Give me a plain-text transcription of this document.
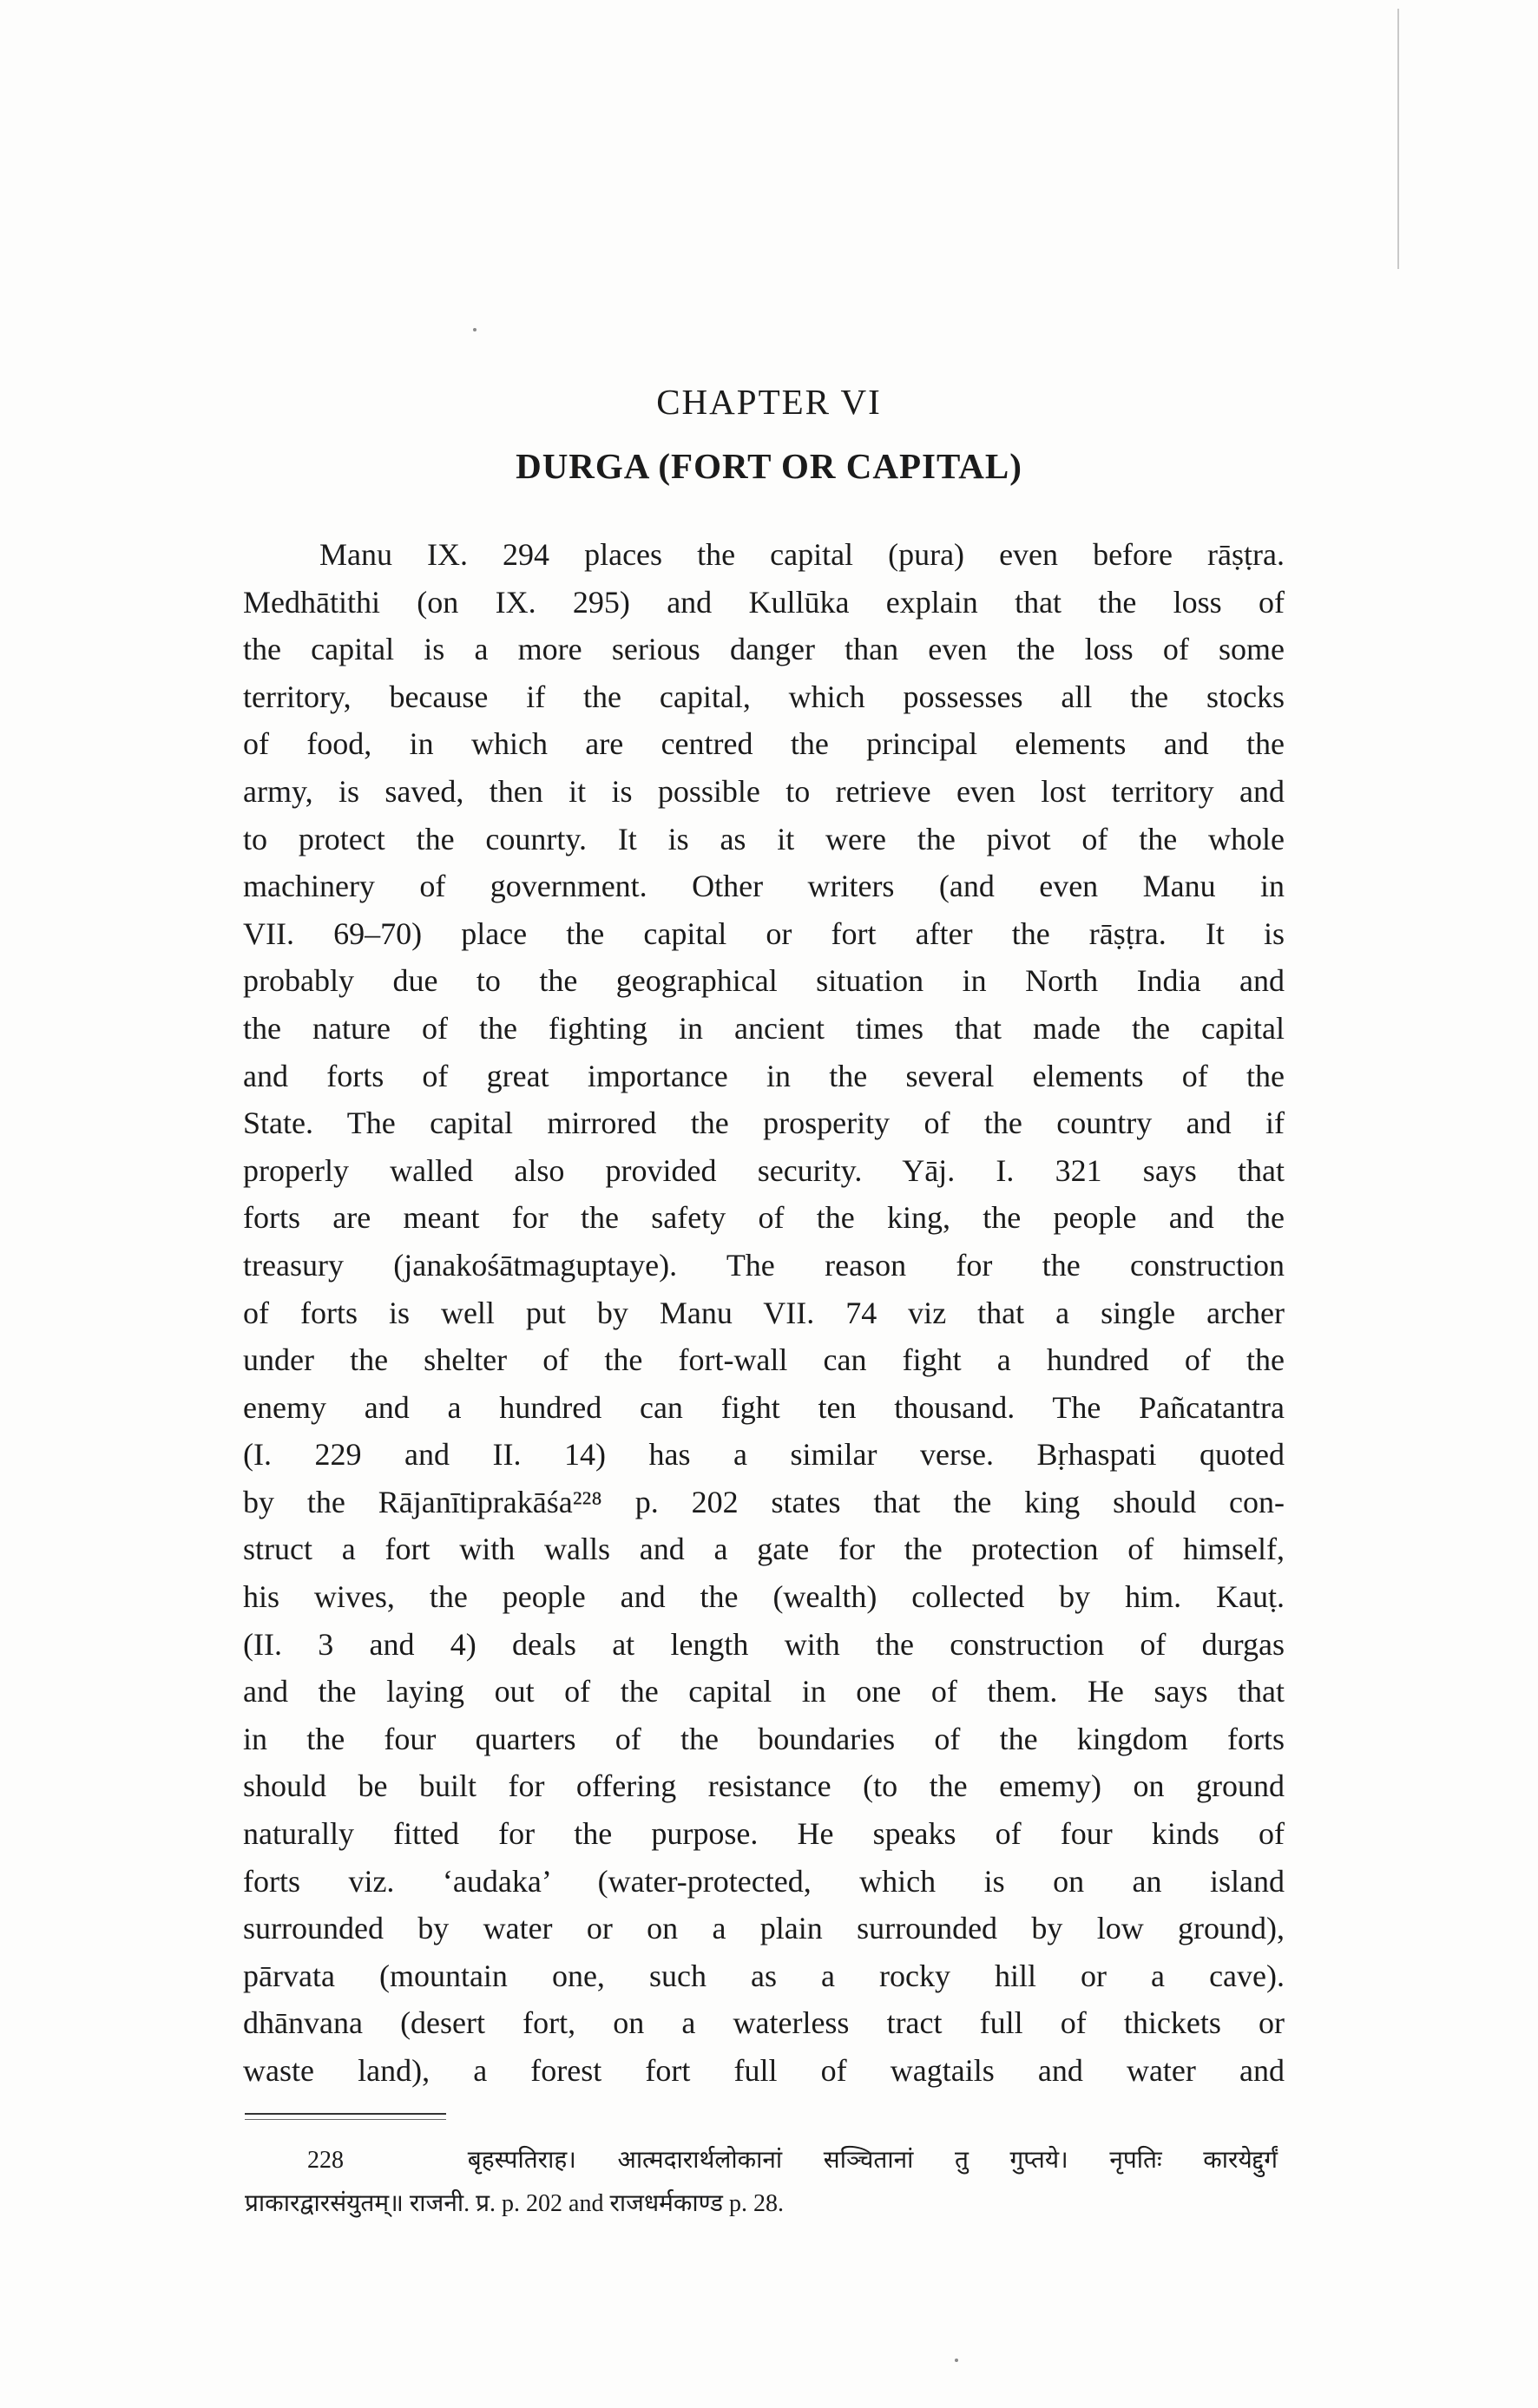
CHAPTER VI
DURGA (FORT OR CAPITAL)
Manu IX. 294 places the capital (pura) even before rāṣṭra.
Medhātithi (on IX. 295) and Kullūka explain that the loss of
the capital is a more serious danger than even the loss of some
territory, because if the capital, which possesses all the stocks
of food, in which are centred the principal elements and the
army, is saved, then it is possible to retrieve even lost territory and
to protect the counrty. It is as it were the pivot of the whole
machinery of government. Other writers (and even Manu in
VII. 69–70) place the capital or fort after the rāṣṭra. It is
probably due to the geographical situation in North India and
the nature of the fighting in ancient times that made the capital
and forts of great importance in the several elements of the
State. The capital mirrored the prosperity of the country and if
properly walled also provided security. Yāj. I. 321 says that
forts are meant for the safety of the king, the people and the
treasury (janakośātmaguptaye). The reason for the construction
of forts is well put by Manu VII. 74 viz that a single archer
under the shelter of the fort-wall can fight a hundred of the
enemy and a hundred can fight ten thousand. The Pañcatantra
(I. 229 and II. 14) has a similar verse. Bṛhaspati quoted
by the Rājanītiprakāśa²²⁸ p. 202 states that the king should con-
struct a fort with walls and a gate for the protection of himself,
his wives, the people and the (wealth) collected by him. Kauṭ.
(II. 3 and 4) deals at length with the construction of durgas
and the laying out of the capital in one of them. He says that
in the four quarters of the boundaries of the kingdom forts
should be built for offering resistance (to the ememy) on ground
naturally fitted for the purpose. He speaks of four kinds of
forts viz. ‘audaka’ (water-protected, which is on an island
surrounded by water or on a plain surrounded by low ground),
pārvata (mountain one, such as a rocky hill or a cave).
dhānvana (desert fort, on a waterless tract full of thickets or
waste land), a forest fort full of wagtails and water and
228	बृहस्पतिराह। आत्मदारार्थलोकानां सञ्चितानां तु गुप्तये। नृपतिः कारयेद्दुर्गं
प्राकारद्वारसंयुतम्॥ राजनी. प्र. p. 202 and राजधर्मकाण्ड p. 28.
